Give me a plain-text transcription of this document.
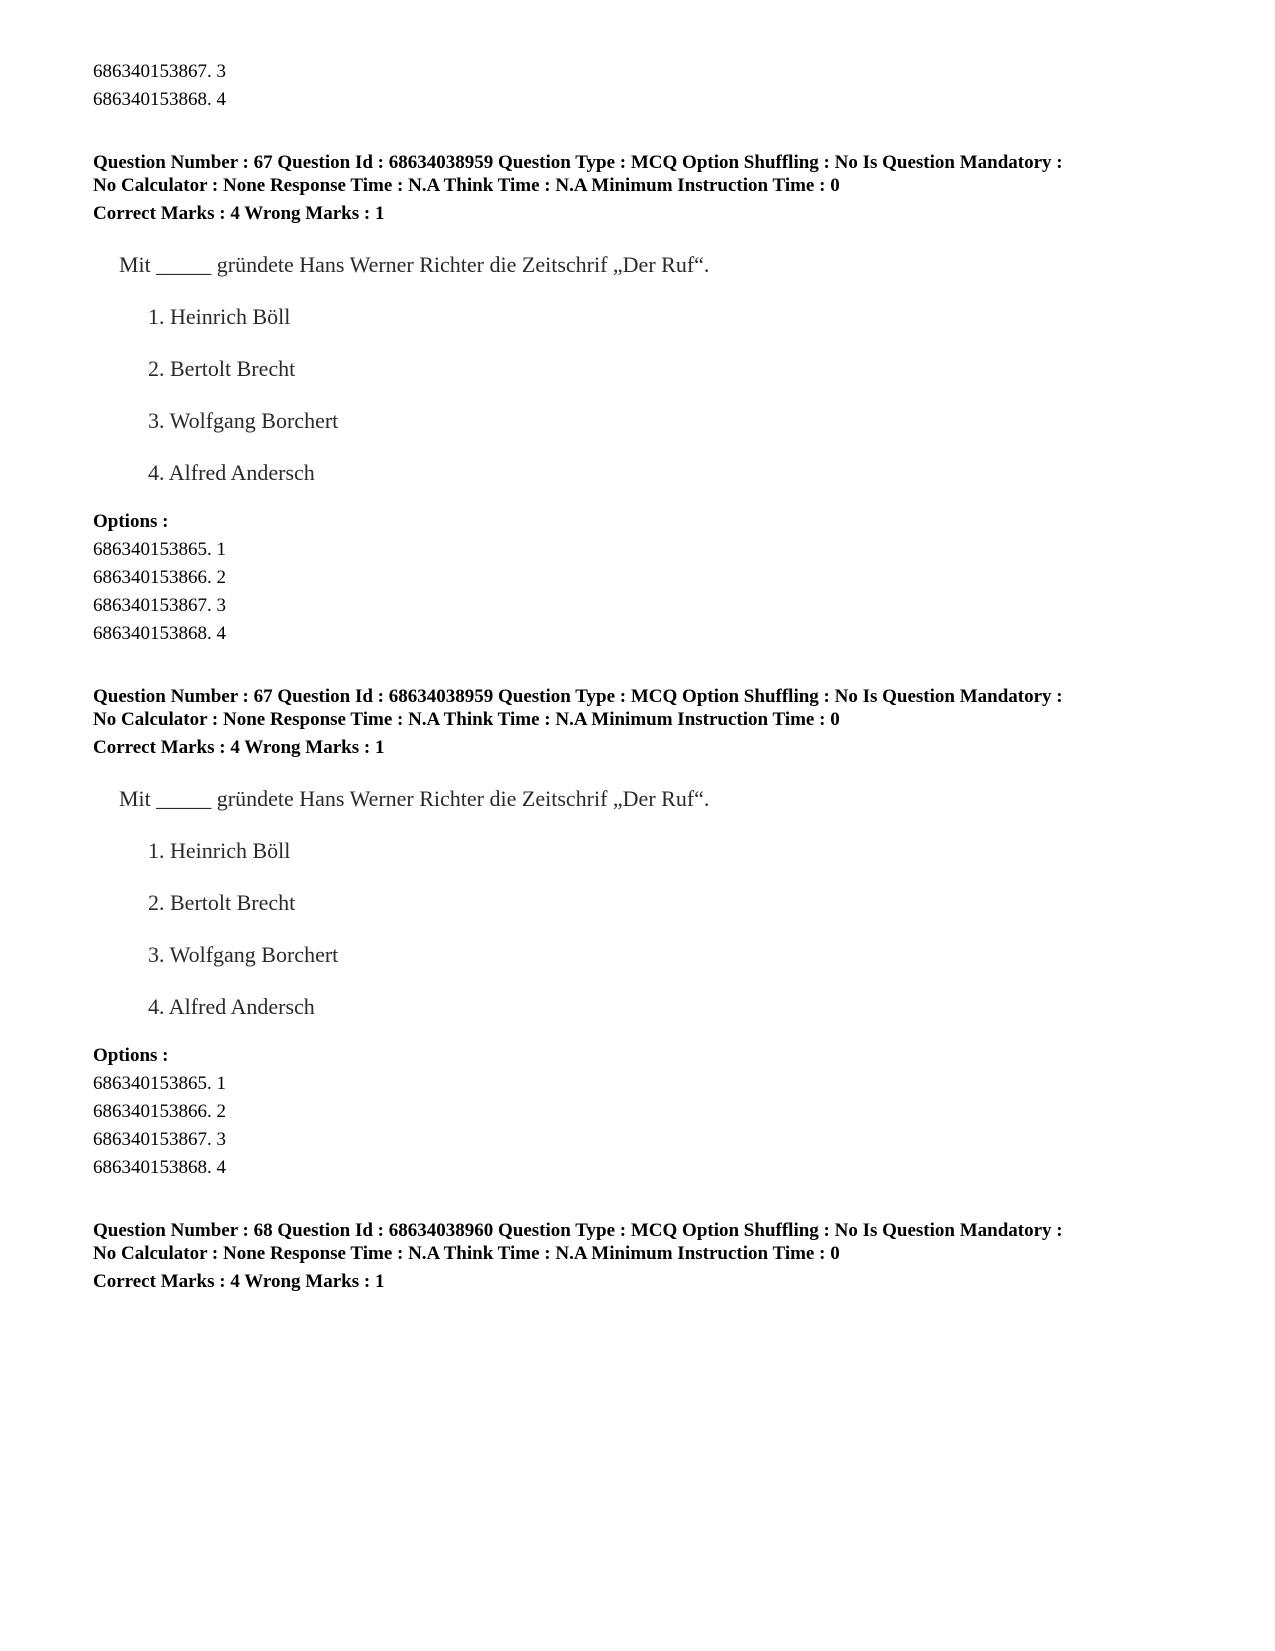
686340153867. 3
686340153868. 4
Question Number : 67 Question Id : 68634038959 Question Type : MCQ Option Shuffling : No Is Question Mandatory :
No Calculator : None Response Time : N.A Think Time : N.A Minimum Instruction Time : 0
Correct Marks : 4 Wrong Marks : 1
Mit _____ gründete Hans Werner Richter die Zeitschrif „Der Ruf“.
1. Heinrich Böll
2. Bertolt Brecht
3. Wolfgang Borchert
4. Alfred Andersch
Options :
686340153865. 1
686340153866. 2
686340153867. 3
686340153868. 4
Question Number : 67 Question Id : 68634038959 Question Type : MCQ Option Shuffling : No Is Question Mandatory :
No Calculator : None Response Time : N.A Think Time : N.A Minimum Instruction Time : 0
Correct Marks : 4 Wrong Marks : 1
Mit _____ gründete Hans Werner Richter die Zeitschrif „Der Ruf“.
1. Heinrich Böll
2. Bertolt Brecht
3. Wolfgang Borchert
4. Alfred Andersch
Options :
686340153865. 1
686340153866. 2
686340153867. 3
686340153868. 4
Question Number : 68 Question Id : 68634038960 Question Type : MCQ Option Shuffling : No Is Question Mandatory :
No Calculator : None Response Time : N.A Think Time : N.A Minimum Instruction Time : 0
Correct Marks : 4 Wrong Marks : 1
